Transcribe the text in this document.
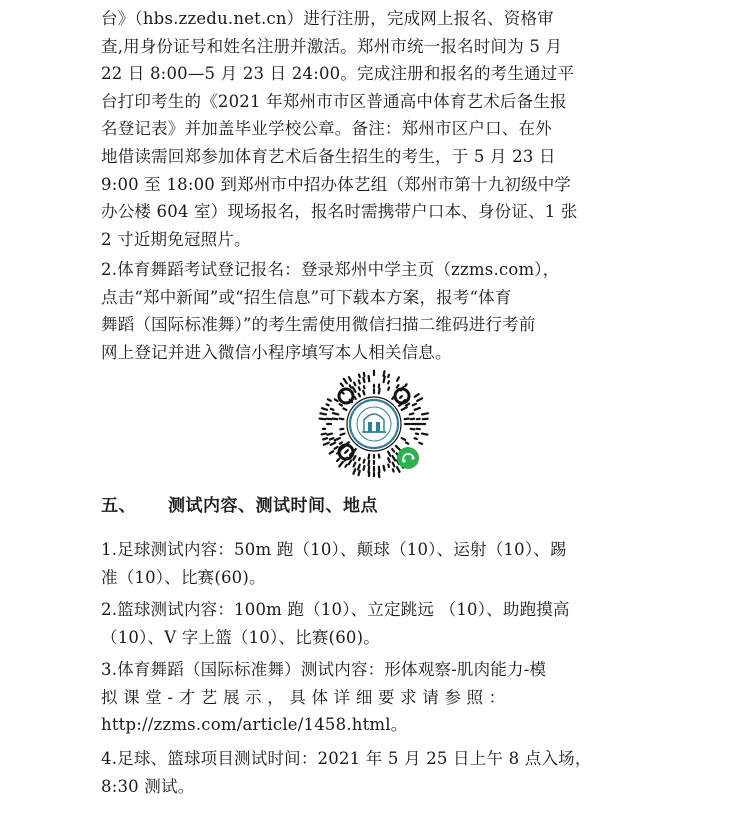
台》（hbs.zzedu.net.cn）进行注册，完成网上报名、资格审
查,用身份证号和姓名注册并激活。郑州市统一报名时间为 5 月
22 日 8:00—5 月 23 日 24:00。完成注册和报名的考生通过平
台打印考生的《2021 年郑州市市区普通高中体育艺术后备生报
名登记表》并加盖毕业学校公章。备注：郑州市区户口、在外
地借读需回郑参加体育艺术后备生招生的考生，于 5 月 23 日
9:00 至 18:00 到郑州市中招办体艺组（郑州市第十九初级中学
办公楼 604 室）现场报名，报名时需携带户口本、身份证、1 张
2 寸近期免冠照片。
2.体育舞蹈考试登记报名：登录郑州中学主页（zzms.com），
点击“郑中新闻”或“招生信息”可下载本方案，报考“体育
舞蹈（国际标准舞）”的考生需使用微信扫描二维码进行考前
网上登记并进入微信小程序填写本人相关信息。
五、 测试内容、测试时间、地点
1.足球测试内容：50m 跑（10）、颠球（10）、运射（10）、踢
准（10）、比赛(60)。
2.篮球测试内容：100m 跑（10）、立定跳远 （10）、助跑摸高
（10）、V 字上篮（10）、比赛(60)。
3.体育舞蹈（国际标准舞）测试内容：形体观察-肌肉能力-模
拟 课 堂 - 才 艺 展 示 ， 具 体 详 细 要 求 请 参 照 ：
http://zzms.com/article/1458.html。
4.足球、篮球项目测试时间：2021 年 5 月 25 日上午 8 点入场，
8:30 测试。
